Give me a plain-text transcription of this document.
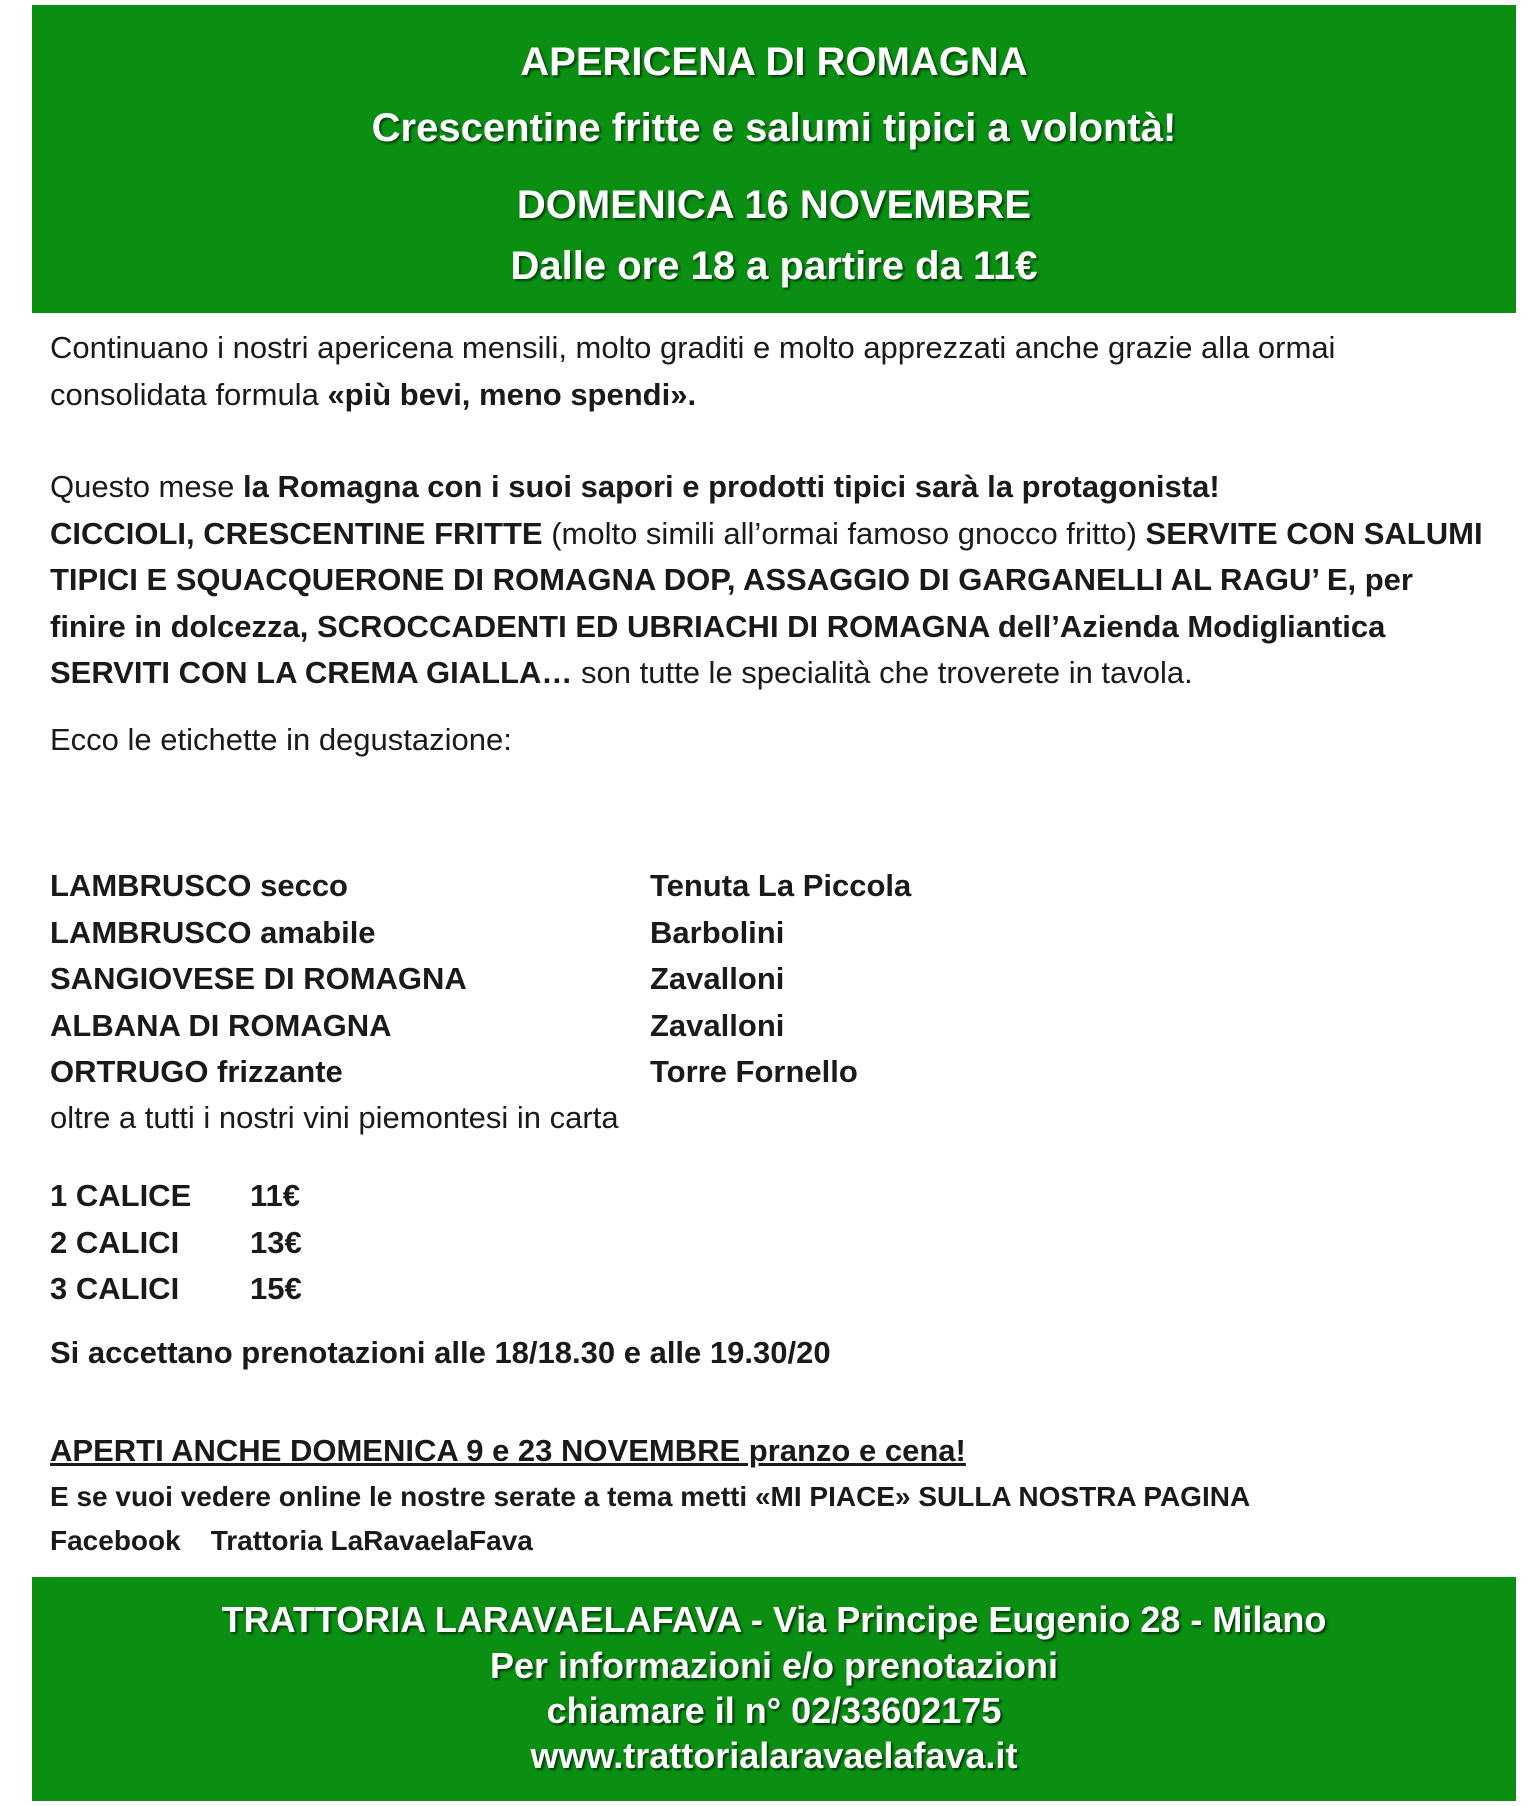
APERICENA DI ROMAGNA
Crescentine fritte e salumi tipici a volontà!
DOMENICA 16 NOVEMBRE
Dalle ore 18 a partire da 11€

Continuano i nostri apericena mensili, molto graditi e molto apprezzati anche grazie alla ormai consolidata formula «più bevi, meno spendi».

Questo mese la Romagna con i suoi sapori e prodotti tipici sarà la protagonista!
CICCIOLI, CRESCENTINE FRITTE (molto simili all’ormai famoso gnocco fritto) SERVITE CON SALUMI TIPICI E SQUACQUERONE DI ROMAGNA DOP, ASSAGGIO DI GARGANELLI AL RAGU’ E, per finire in dolcezza, SCROCCADENTI ED UBRIACHI DI ROMAGNA dell’Azienda Modigliantica SERVITI CON LA CREMA GIALLA… son tutte le specialità che troverete in tavola.

Ecco le etichette in degustazione:

LAMBRUSCO secco	Tenuta La Piccola
LAMBRUSCO amabile	Barbolini
SANGIOVESE DI ROMAGNA	Zavalloni
ALBANA DI ROMAGNA	Zavalloni
ORTRUGO frizzante	Torre Fornello
oltre a tutti i nostri vini piemontesi in carta
1 CALICE 11€
2 CALICI 13€
3 CALICI 15€
Si accettano prenotazioni alle 18/18.30 e alle 19.30/20
APERTI ANCHE DOMENICA 9 e 23 NOVEMBRE pranzo e cena!
E se vuoi vedere online le nostre serate a tema metti «MI PIACE» SULLA NOSTRA PAGINA
Facebook Trattoria LaRavaelaFava
TRATTORIA LARAVAELAFAVA - Via Principe Eugenio 28 - Milano
Per informazioni e/o prenotazioni
chiamare il n° 02/33602175
www.trattorialaravaelafava.it
